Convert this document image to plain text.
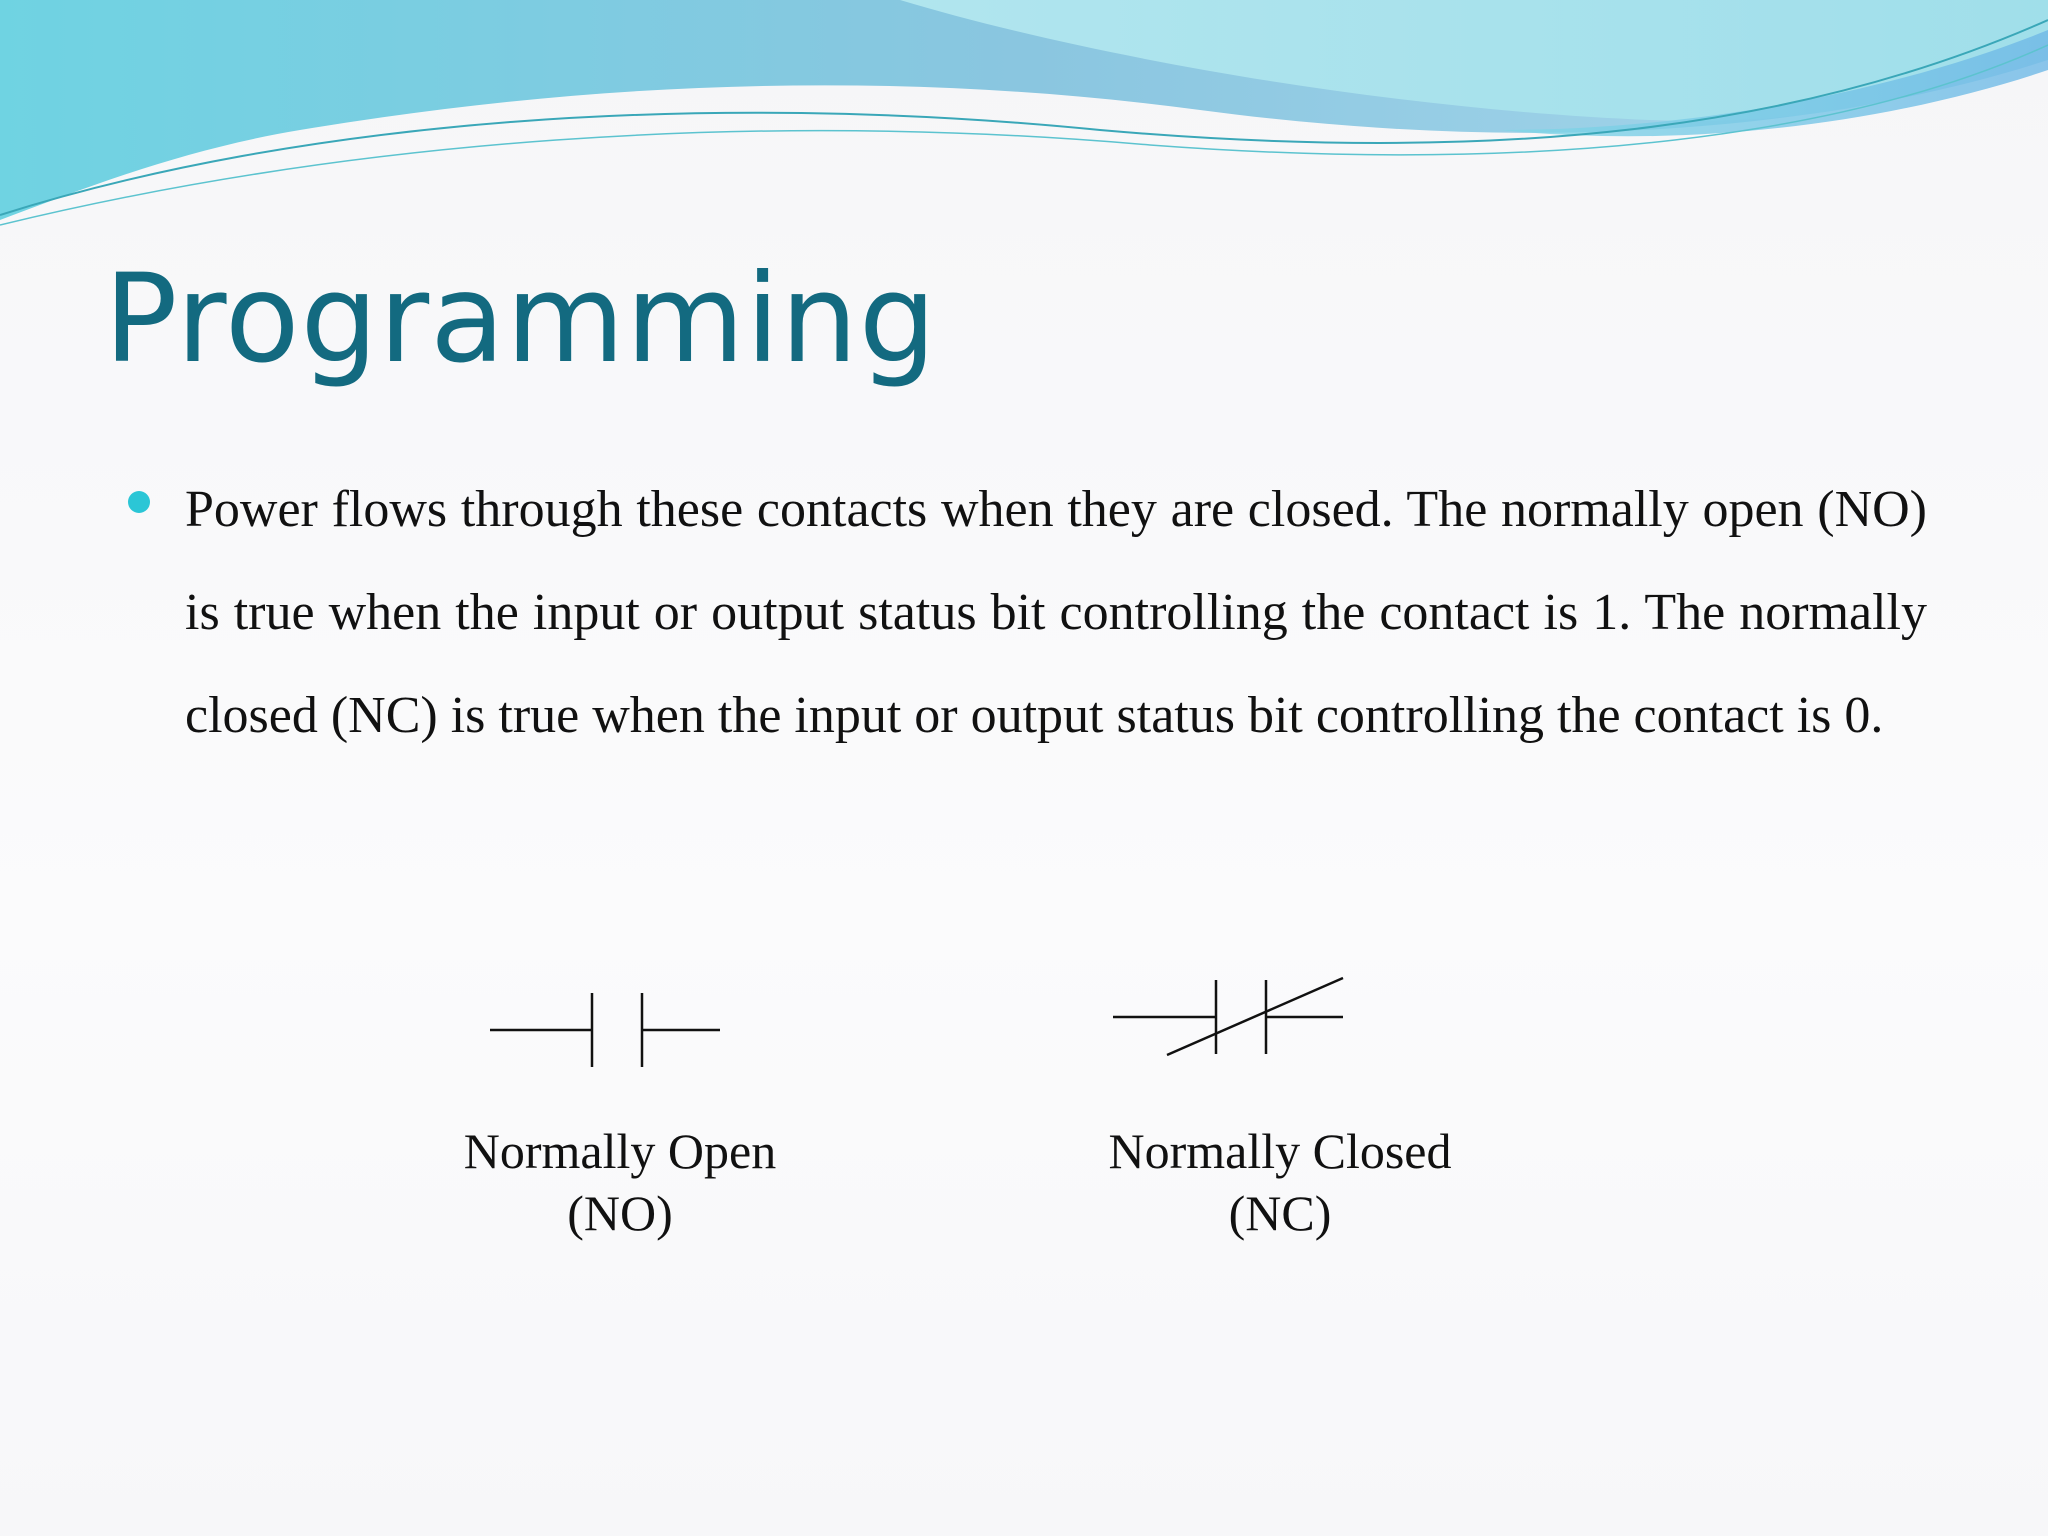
Programming

Power flows through these contacts when they are closed. The normally open (NO) is true when the input or output status bit controlling the contact is 1. The normally closed (NC) is true when the input or output status bit controlling the contact is 0.

Normally Open
(NO)
Normally Closed
(NC)
